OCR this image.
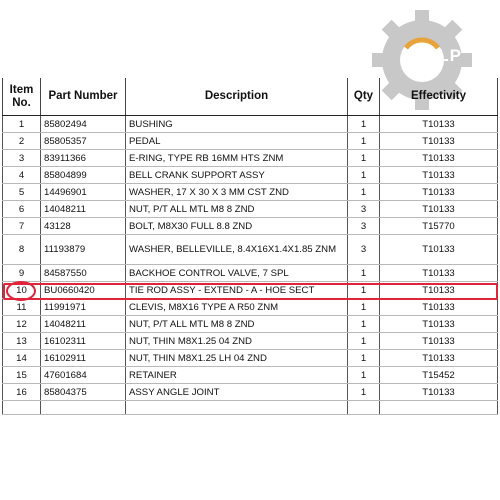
OLP
Item No.	Part Number	Description	Qty	Effectivity
1	85802494	BUSHING	1	T10133
2	85805357	PEDAL	1	T10133
3	83911366	E-RING, TYPE RB 16MM HTS ZNM	1	T10133
4	85804899	BELL CRANK SUPPORT ASSY	1	T10133
5	14496901	WASHER, 17 X 30 X 3 MM CST ZND	1	T10133
6	14048211	NUT, P/T ALL MTL M8 8 ZND	3	T10133
7	43128	BOLT, M8X30 FULL 8.8 ZND	3	T15770
8	11193879	WASHER, BELLEVILLE, 8.4X16X1.4X1.85 ZNM	3	T10133
9	84587550	BACKHOE CONTROL VALVE, 7 SPL	1	T10133
10	BU0660420	TIE ROD ASSY - EXTEND - A - HOE SECT	1	T10133
11	11991971	CLEVIS, M8X16 TYPE A R50 ZNM	1	T10133
12	14048211	NUT, P/T ALL MTL M8 8 ZND	1	T10133
13	16102311	NUT, THIN M8X1.25 04 ZND	1	T10133
14	16102911	NUT, THIN M8X1.25 LH 04 ZND	1	T10133
15	47601684	RETAINER	1	T15452
16	85804375	ASSY ANGLE JOINT	1	T10133
